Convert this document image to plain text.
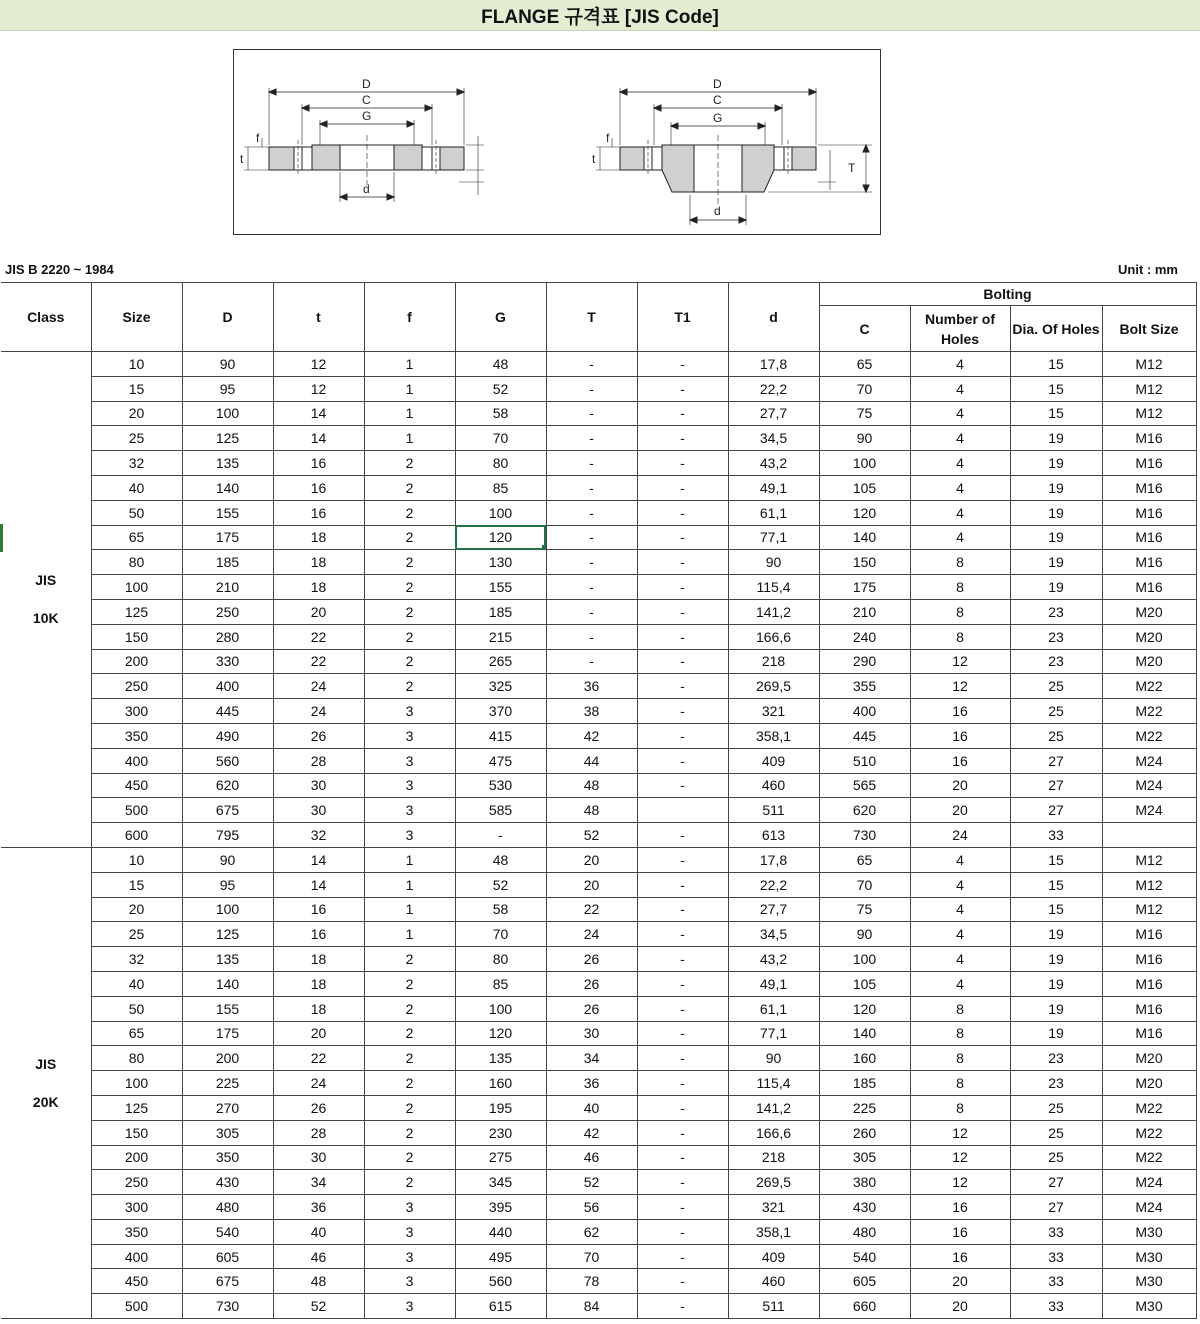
FLANGE 규격표 [JIS Code]
D
C
G
d
t
f
D
C
G
d
t
f
T
JIS B 2220 ~ 1984	Unit : mm
Class	Size	D	t	f	G	T	T1	d	Bolting			
									C	Number of Holes	Dia. Of Holes	Bolt Size
JIS
10K	10	90	12	1	48	-	-	17,8	65	4	15	M12
	15	95	12	1	52	-	-	22,2	70	4	15	M12
	20	100	14	1	58	-	-	27,7	75	4	15	M12
	25	125	14	1	70	-	-	34,5	90	4	19	M16
	32	135	16	2	80	-	-	43,2	100	4	19	M16
	40	140	16	2	85	-	-	49,1	105	4	19	M16
	50	155	16	2	100	-	-	61,1	120	4	19	M16
	65	175	18	2	120	-	-	77,1	140	4	19	M16
	80	185	18	2	130	-	-	90	150	8	19	M16
	100	210	18	2	155	-	-	115,4	175	8	19	M16
	125	250	20	2	185	-	-	141,2	210	8	23	M20
	150	280	22	2	215	-	-	166,6	240	8	23	M20
	200	330	22	2	265	-	-	218	290	12	23	M20
	250	400	24	2	325	36	-	269,5	355	12	25	M22
	300	445	24	3	370	38	-	321	400	16	25	M22
	350	490	26	3	415	42	-	358,1	445	16	25	M22
	400	560	28	3	475	44	-	409	510	16	27	M24
	450	620	30	3	530	48	-	460	565	20	27	M24
	500	675	30	3	585	48		511	620	20	27	M24
	600	795	32	3	-	52	-	613	730	24	33	
JIS
20K	10	90	14	1	48	20	-	17,8	65	4	15	M12
	15	95	14	1	52	20	-	22,2	70	4	15	M12
	20	100	16	1	58	22	-	27,7	75	4	15	M12
	25	125	16	1	70	24	-	34,5	90	4	19	M16
	32	135	18	2	80	26	-	43,2	100	4	19	M16
	40	140	18	2	85	26	-	49,1	105	4	19	M16
	50	155	18	2	100	26	-	61,1	120	8	19	M16
	65	175	20	2	120	30	-	77,1	140	8	19	M16
	80	200	22	2	135	34	-	90	160	8	23	M20
	100	225	24	2	160	36	-	115,4	185	8	23	M20
	125	270	26	2	195	40	-	141,2	225	8	25	M22
	150	305	28	2	230	42	-	166,6	260	12	25	M22
	200	350	30	2	275	46	-	218	305	12	25	M22
	250	430	34	2	345	52	-	269,5	380	12	27	M24
	300	480	36	3	395	56	-	321	430	16	27	M24
	350	540	40	3	440	62	-	358,1	480	16	33	M30
	400	605	46	3	495	70	-	409	540	16	33	M30
	450	675	48	3	560	78	-	460	605	20	33	M30
	500	730	52	3	615	84	-	511	660	20	33	M30
